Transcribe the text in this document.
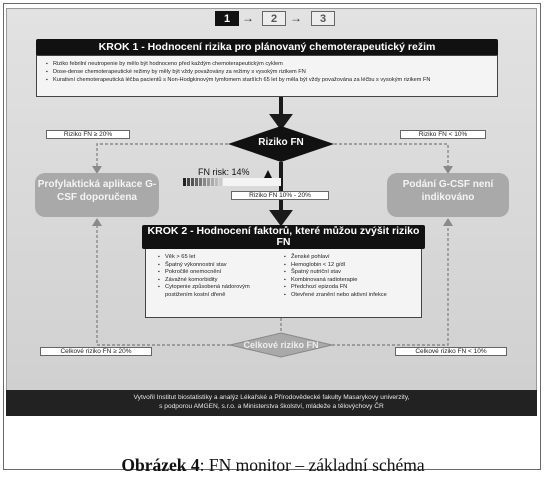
1 →	2	→	3
KROK 1 - Hodnocení rizika pro plánovaný chemoterapeutický režim
▪ Riziko febrilní neutropenie by mělo být hodnoceno před každým chemoterapeutickým cyklem
▪ Dose-dense chemoterapeutické režimy by měly být vždy považovány za režimy s vysokým rizikem FN
▪ Kurativní chemoterapeutická léčba pacientů s Non-Hodgkinovým lymfomem starších 65 let by měla být vždy považována za léčbu s vysokým rizikem FN
Riziko FN
Riziko FN ≥ 20%	Riziko FN < 10%
FN risk: 14%
Riziko FN 10% - 20%
Profylaktická aplikace G-CSF doporučena
Podání G-CSF není indikováno
▪ Věk > 65 let
▪ Špatný výkonnostní stav
▪ Pokročilé onemocnění
▪ Závažné komorbidity
▪ Cytopenie způsobená nádorovým postižením kostní dřeně
▪ Ženské pohlaví
▪ Hemoglobin < 12 g/dl
▪ Špatný nutriční stav
▪ Kombinovaná radioterapie
▪ Předchozí epizoda FN
▪ Otevřené zranění nebo aktivní infekce
KROK 2 - Hodnocení faktorů, které můžou zvýšit riziko FN
Celkové riziko FN
Celkové riziko FN ≥ 20%	Celkové riziko FN < 10%
Vytvořil Institut biostatistiky a analýz Lékařské a Přírodovědecké fakulty Masarykovy univerzity,
s podporou AMGEN, s.r.o. a Ministerstva školství, mládeže a tělovýchovy ČR
Obrázek 4: FN monitor – základní schéma
